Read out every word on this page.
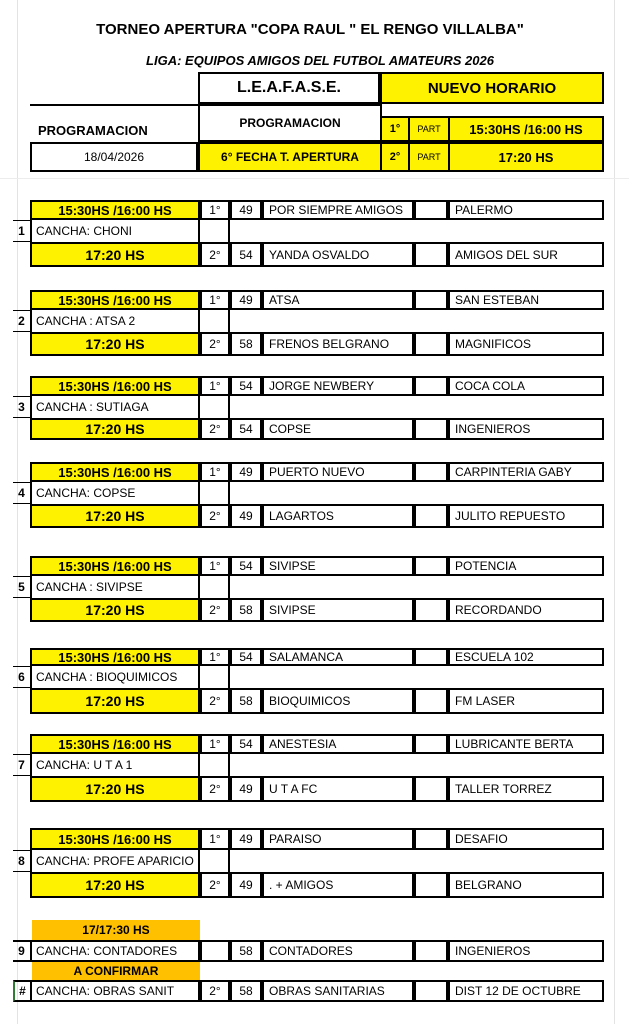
TORNEO APERTURA "COPA RAUL " EL RENGO VILLALBA"
LIGA: EQUIPOS AMIGOS DEL FUTBOL AMATEURS 2026
L.E.A.F.A.S.E.	NUEVO HORARIO
PROGRAMACION	PROGRAMACION	1°	PART	15:30HS /16:00 HS
18/04/2026	6° FECHA T. APERTURA	2°	PART	17:20 HS
15:30HS /16:00 HS	1°	49	POR SIEMPRE AMIGOS	PALERMO
1 CANCHA: CHONI
17:20 HS	2°	54	YANDA OSVALDO	AMIGOS DEL SUR
15:30HS /16:00 HS	1°	49	ATSA	SAN ESTEBAN
2 CANCHA : ATSA 2
17:20 HS	2°	58	FRENOS BELGRANO	MAGNIFICOS
15:30HS /16:00 HS	1°	54	JORGE NEWBERY	COCA COLA
3 CANCHA : SUTIAGA
17:20 HS	2°	54	COPSE	INGENIEROS
15:30HS /16:00 HS	1°	49	PUERTO NUEVO	CARPINTERIA GABY
4 CANCHA: COPSE
17:20 HS	2°	49	LAGARTOS	JULITO REPUESTO
15:30HS /16:00 HS	1°	54	SIVIPSE	POTENCIA
5 CANCHA : SIVIPSE
17:20 HS	2°	58	SIVIPSE	RECORDANDO
15:30HS /16:00 HS	1°	54	SALAMANCA	ESCUELA 102
6 CANCHA : BIOQUIMICOS
17:20 HS	2°	58	BIOQUIMICOS	FM LASER
15:30HS /16:00 HS	1°	54	ANESTESIA	LUBRICANTE BERTA
7 CANCHA: U T A 1
17:20 HS	2°	49	U T A FC	TALLER TORREZ
15:30HS /16:00 HS	1°	49	PARAISO	DESAFIO
8 CANCHA: PROFE APARICIO
17:20 HS	2°	49	. + AMIGOS	BELGRANO
17/17:30 HS
9 CANCHA: CONTADORES	58	CONTADORES	INGENIEROS
A CONFIRMAR
# CANCHA: OBRAS SANIT	2°	58	OBRAS SANITARIAS	DIST 12 DE OCTUBRE
